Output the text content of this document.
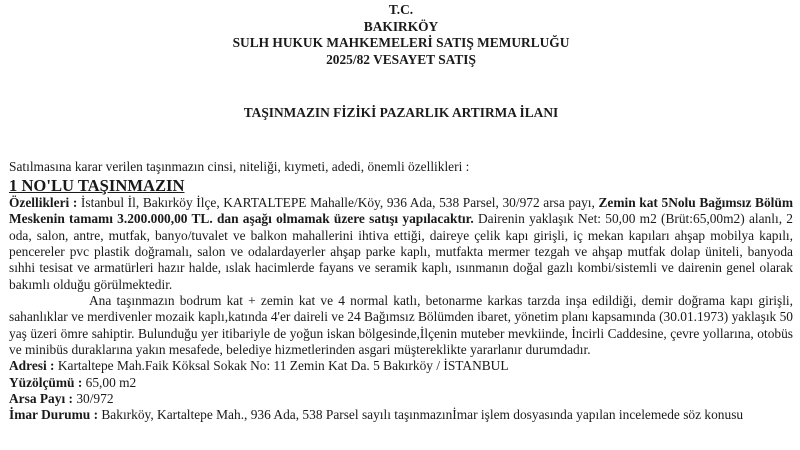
T.C.
BAKIRKÖY
SULH HUKUK MAHKEMELERİ SATIŞ MEMURLUĞU
2025/82 VESAYET SATIŞ
TAŞINMAZIN FİZİKİ PAZARLIK ARTIRMA İLANI
Satılmasına karar verilen taşınmazın cinsi, niteliği, kıymeti, adedi, önemli özellikleri :
1 NO'LU TAŞINMAZIN
Özellikleri : İstanbul İl, Bakırköy İlçe, KARTALTEPE Mahalle/Köy, 936 Ada, 538 Parsel, 30/972 arsa payı, Zemin kat 5Nolu Bağımsız Bölüm Meskenin tamamı 3.200.000,00 TL. dan aşağı olmamak üzere satışı yapılacaktır. Dairenin yaklaşık Net: 50,00 m2 (Brüt:65,00m2) alanlı, 2 oda, salon, antre, mutfak, banyo/tuvalet ve balkon mahallerini ihtiva ettiği, daireye çelik kapı girişli, iç mekan kapıları ahşap mobilya kapılı, pencereler pvc plastik doğramalı, salon ve odalardayerler ahşap parke kaplı, mutfakta mermer tezgah ve ahşap mutfak dolap üniteli, banyoda sıhhi tesisat ve armatürleri hazır halde, ıslak hacimlerde fayans ve seramik kaplı, ısınmanın doğal gazlı kombi/sistemli ve dairenin genel olarak bakımlı olduğu görülmektedir.
Ana taşınmazın bodrum kat + zemin kat ve 4 normal katlı, betonarme karkas tarzda inşa edildiği, demir doğrama kapı girişli, sahanlıklar ve merdivenler mozaik kaplı,katında 4'er daireli ve 24 Bağımsız Bölümden ibaret, yönetim planı kapsamında (30.01.1973) yaklaşık 50 yaş üzeri ömre sahiptir. Bulunduğu yer itibariyle de yoğun iskan bölgesinde,İlçenin muteber mevkiinde, İncirli Caddesine, çevre yollarına, otobüs ve minibüs duraklarına yakın mesafede, belediye hizmetlerinden asgari müştereklikte yararlanır durumdadır.
Adresi : Kartaltepe Mah.Faik Köksal Sokak No: 11 Zemin Kat Da. 5 Bakırköy / İSTANBUL
Yüzölçümü : 65,00 m2
Arsa Payı : 30/972
İmar Durumu : Bakırköy, Kartaltepe Mah., 936 Ada, 538 Parsel sayılı taşınmazınİmar işlem dosyasında yapılan incelemede söz konusu
